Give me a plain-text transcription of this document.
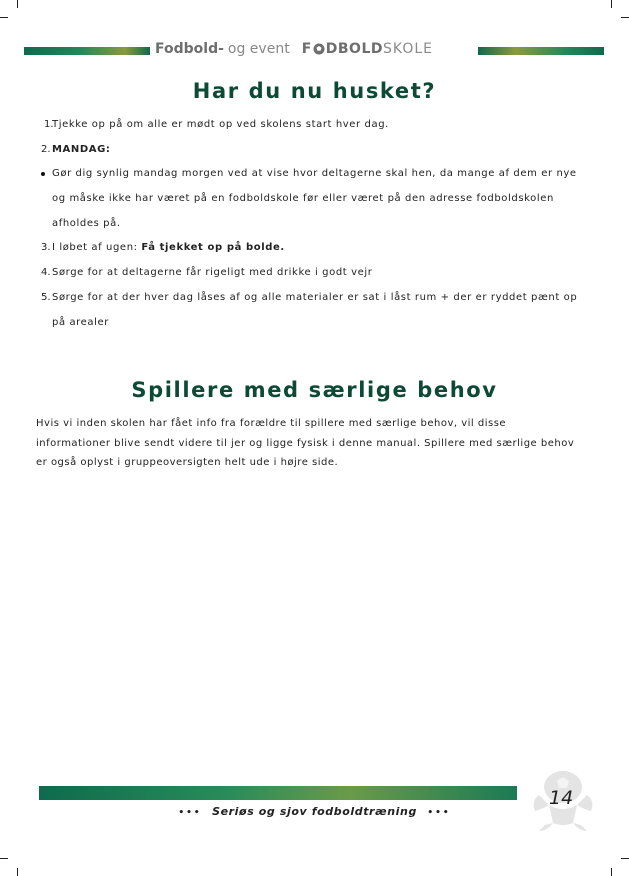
Fodbold- og event F DBOLD SKOLE
Har du nu husket?
1.
Tjekke op på om alle er mødt op ved skolens start hver dag.
2. MANDAG:
Gør dig synlig mandag morgen ved at vise hvor deltagerne skal hen, da mange af dem er nye
og måske ikke har været på en fodboldskole før eller været på den adresse fodboldskolen
afholdes på.
3. I løbet af ugen: Få tjekket op på bolde.
4. Sørge for at deltagerne får rigeligt med drikke i godt vejr
5. Sørge for at der hver dag låses af og alle materialer er sat i låst rum + der er ryddet pænt op
på arealer
Spillere med særlige behov
Hvis vi inden skolen har fået info fra forældre til spillere med særlige behov, vil disse
informationer blive sendt videre til jer og ligge fysisk i denne manual. Spillere med særlige behov
er også oplyst i gruppeoversigten helt ude i højre side.
14
••• Seriøs og sjov fodboldtræning •••
